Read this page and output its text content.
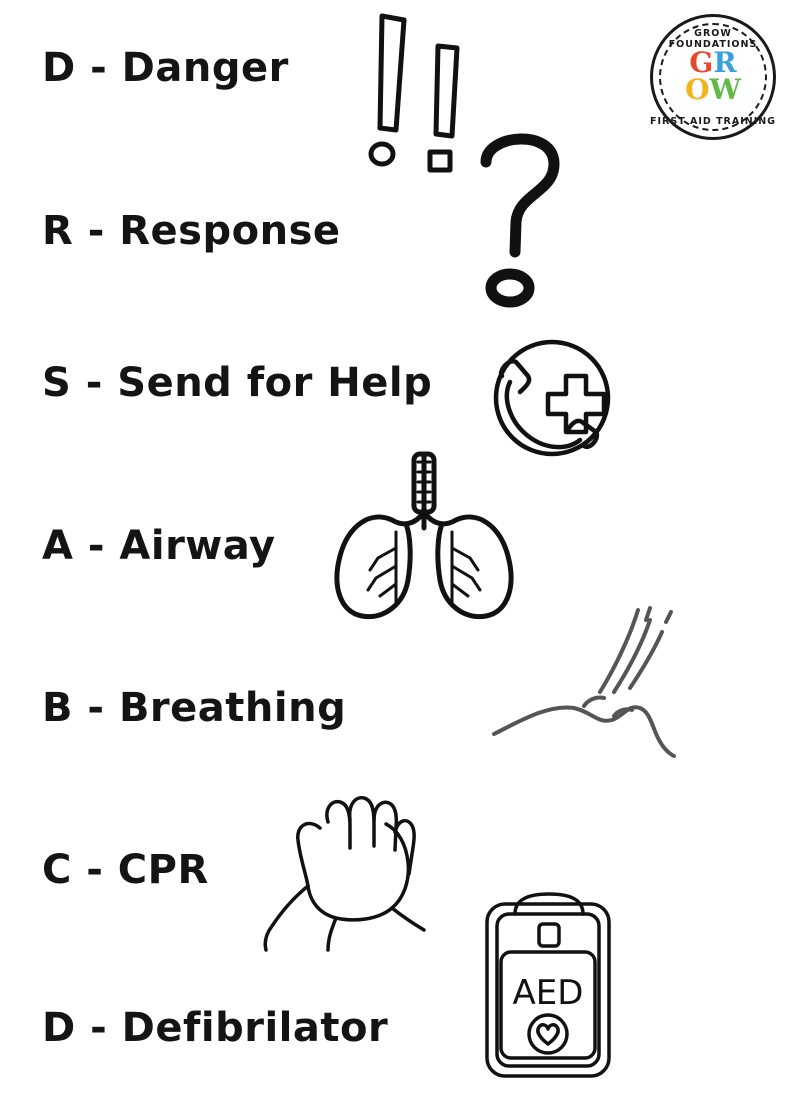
GROW FOUNDATIONS
GR
OW
FIRST AID TRAINING
D - Danger
R - Response
S - Send for Help
A - Airway
B - Breathing
C - CPR
D - Defibrilator
AED
